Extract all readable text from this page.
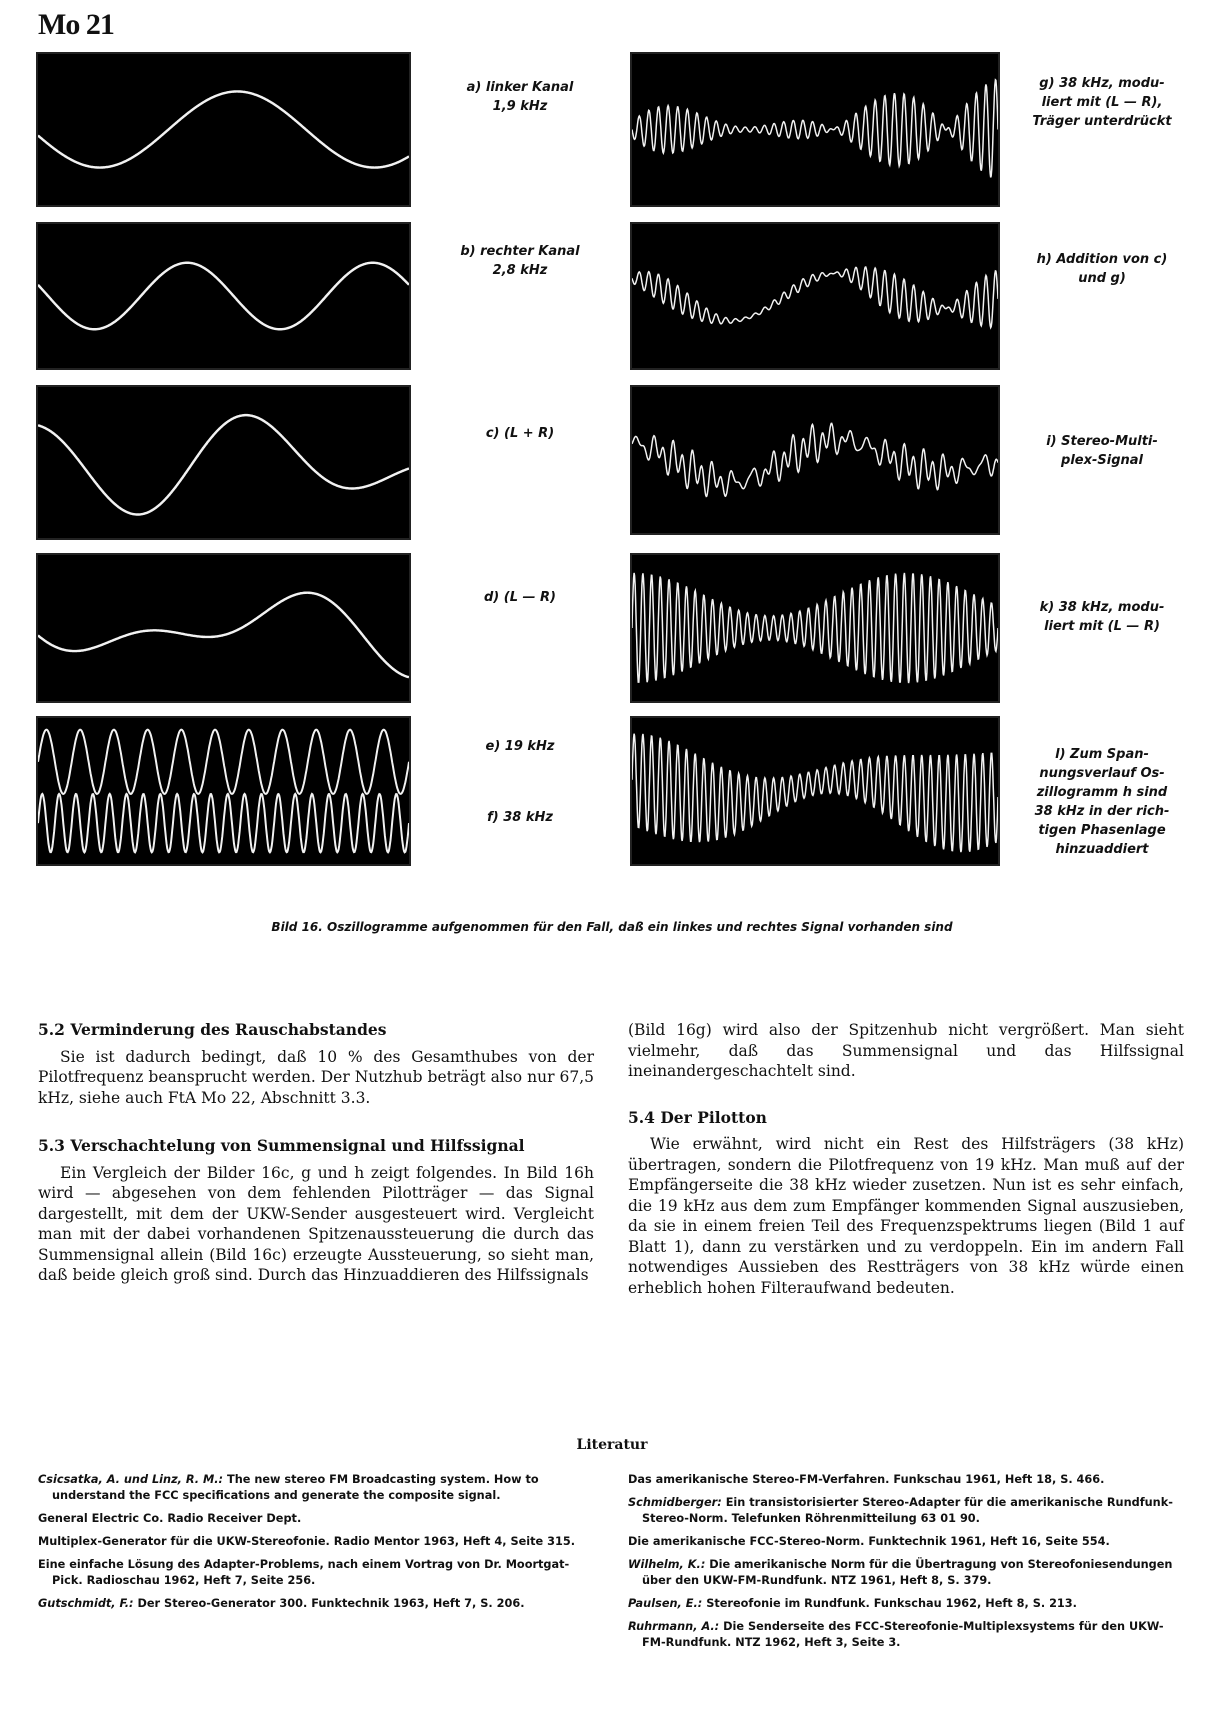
Mo 21
a) linker Kanal
1,9 kHz
b) rechter Kanal
2,8 kHz
c) (L + R)
d) (L — R)
e) 19 kHz
f) 38 kHz
g) 38 kHz, modu-
liert mit (L — R),
Träger unterdrückt
h) Addition von c)
und g)
i) Stereo-Multi-
plex-Signal
k) 38 kHz, modu-
liert mit (L — R)
l) Zum Span-
nungsverlauf Os-
zillogramm h sind
38 kHz in der rich-
tigen Phasenlage
hinzuaddiert
Bild 16. Oszillogramme aufgenommen für den Fall, daß ein linkes und rechtes Signal vorhanden sind
5.2 Verminderung des Rauschabstandes

Sie ist dadurch bedingt, daß 10 % des Gesamthubes von der Pilotfrequenz beansprucht werden. Der Nutzhub beträgt also nur 67,5 kHz, siehe auch FtA Mo 22, Abschnitt 3.3.

5.3 Verschachtelung von Summensignal und Hilfssignal

Ein Vergleich der Bilder 16c, g und h zeigt folgendes. In Bild 16h wird — abgesehen von dem fehlenden Pilotträger — das Signal dargestellt, mit dem der UKW-Sender ausgesteuert wird. Vergleicht man mit der dabei vorhandenen Spitzenaussteuerung die durch das Summensignal allein (Bild 16c) erzeugte Aussteuerung, so sieht man, daß beide gleich groß sind. Durch das Hinzuaddieren des Hilfssignals

(Bild 16g) wird also der Spitzenhub nicht vergrößert. Man sieht vielmehr, daß das Summensignal und das Hilfssignal ineinandergeschachtelt sind.

5.4 Der Pilotton

Wie erwähnt, wird nicht ein Rest des Hilfsträgers (38 kHz) übertragen, sondern die Pilotfrequenz von 19 kHz. Man muß auf der Empfängerseite die 38 kHz wieder zusetzen. Nun ist es sehr einfach, die 19 kHz aus dem zum Empfänger kommenden Signal auszusieben, da sie in einem freien Teil des Frequenzspektrums liegen (Bild 1 auf Blatt 1), dann zu verstärken und zu verdoppeln. Ein im andern Fall notwendiges Aussieben des Restträgers von 38 kHz würde einen erheblich hohen Filteraufwand bedeuten.

Literatur
Csicsatka, A. und Linz, R. M.: The new stereo FM Broadcasting system. How to understand the FCC specifications and generate the composite signal.
General Electric Co. Radio Receiver Dept.
Multiplex-Generator für die UKW-Stereofonie. Radio Mentor 1963, Heft 4, Seite 315.
Eine einfache Lösung des Adapter-Problems, nach einem Vortrag von Dr. Moortgat-Pick. Radioschau 1962, Heft 7, Seite 256.
Gutschmidt, F.: Der Stereo-Generator 300. Funktechnik 1963, Heft 7, S. 206.
Das amerikanische Stereo-FM-Verfahren. Funkschau 1961, Heft 18, S. 466.
Schmidberger: Ein transistorisierter Stereo-Adapter für die amerikanische Rundfunk-Stereo-Norm. Telefunken Röhrenmitteilung 63 01 90.
Die amerikanische FCC-Stereo-Norm. Funktechnik 1961, Heft 16, Seite 554.
Wilhelm, K.: Die amerikanische Norm für die Übertragung von Stereofoniesendungen über den UKW-FM-Rundfunk. NTZ 1961, Heft 8, S. 379.
Paulsen, E.: Stereofonie im Rundfunk. Funkschau 1962, Heft 8, S. 213.
Ruhrmann, A.: Die Senderseite des FCC-Stereofonie-Multiplexsystems für den UKW-FM-Rundfunk. NTZ 1962, Heft 3, Seite 3.
